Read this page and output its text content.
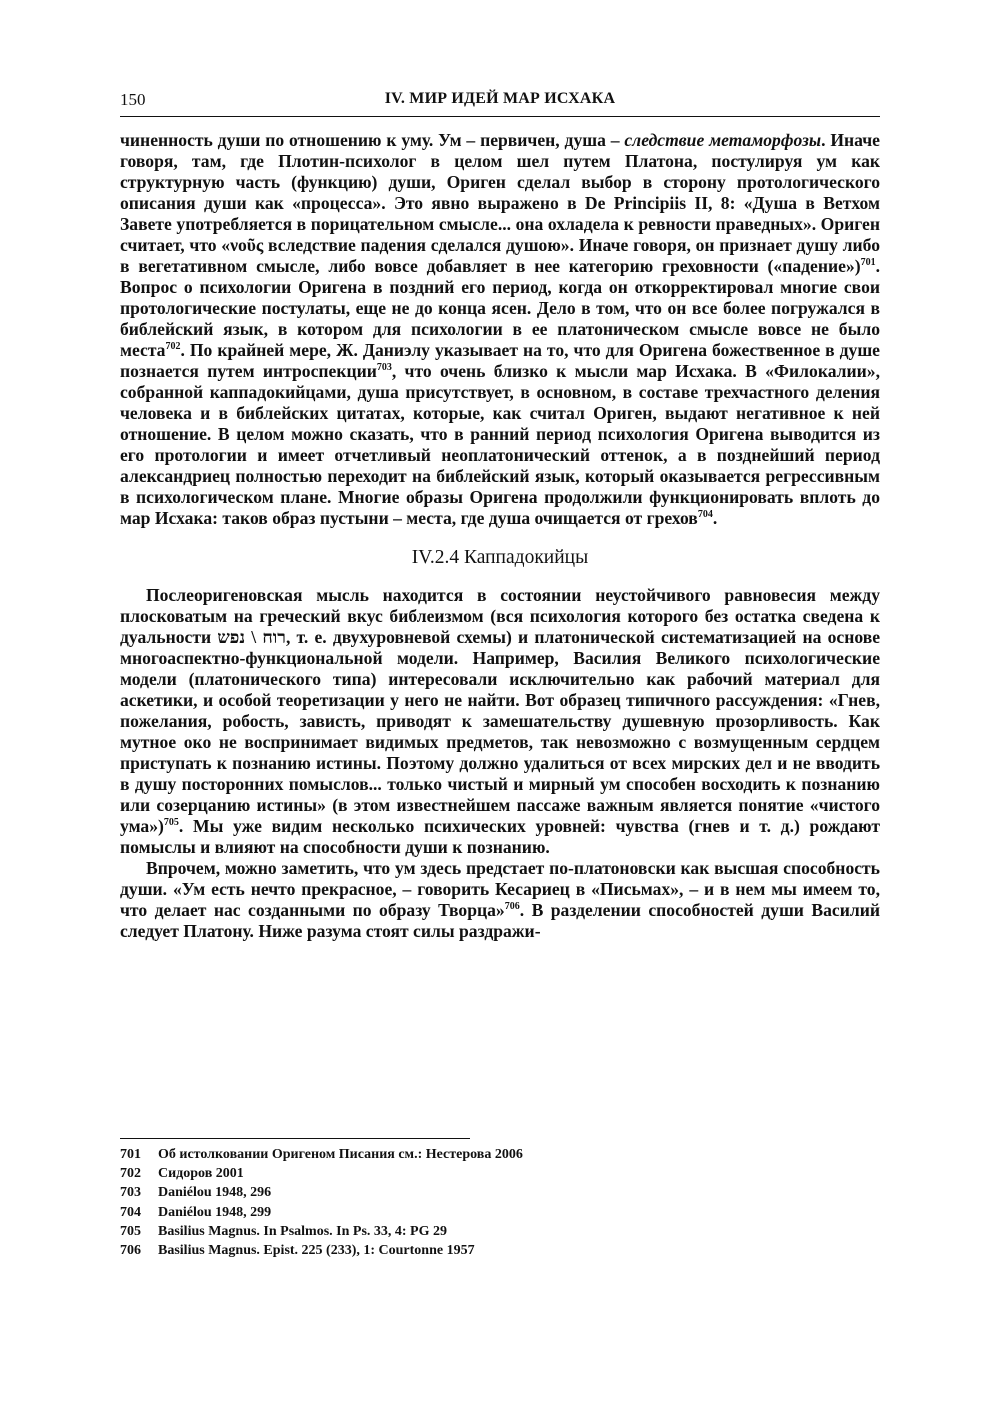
150	IV. МИР ИДЕЙ МАР ИСХАКА

чиненность души по отношению к уму. Ум – первичен, душа – следствие метаморфозы. Иначе говоря, там, где Плотин-психолог в целом шел путем Платона, постулируя ум как структурную часть (функцию) души, Ориген сделал выбор в сторону протологического описания души как «процесса». Это явно выражено в De Principiis II, 8: «Душа в Ветхом Завете употребляется в порицательном смысле... она охладела к ревности праведных». Ориген считает, что «νοῦς вследствие падения сделался душою». Иначе говоря, он признает душу либо в вегетативном смысле, либо вовсе добавляет в нее категорию греховности («падение»)$^{701}$. Вопрос о психологии Оригена в поздний его период, когда он откорректировал многие свои протологические постулаты, еще не до конца ясен. Дело в том, что он все более погружался в библейский язык, в котором для психологии в ее платоническом смысле вовсе не было места$^{702}$. По крайней мере, Ж. Даниэлу указывает на то, что для Оригена божественное в душе познается путем интроспекции$^{703}$, что очень близко к мысли мар Исхака. В «Филокалии», собранной каппадокийцами, душа присутствует, в основном, в составе трехчастного деления человека и в библейских цитатах, которые, как считал Ориген, выдают негативное к ней отношение. В целом можно сказать, что в ранний период психология Оригена выводится из его протологии и имеет отчетливый неоплатонический оттенок, а в позднейший период александриец полностью переходит на библейский язык, который оказывается регрессивным в психологическом плане. Многие образы Оригена продолжили функционировать вплоть до мар Исхака: таков образ пустыни – места, где душа очищается от грехов$^{704}$.

IV.2.4 Каппадокийцы

Послеоригеновская мысль находится в состоянии неустойчивого равновесия между плосковатым на греческий вкус библеизмом (вся психология которого без остатка сведена к дуальности רוח \ נפש, т. е. двухуровневой схемы) и платонической систематизацией на основе многоаспектно-функциональной модели. Например, Василия Великого психологические модели (платонического типа) интересовали исключительно как рабочий материал для аскетики, и особой теоретизации у него не найти. Вот образец типичного рассуждения: «Гнев, пожелания, робость, зависть, приводят к замешательству душевную прозорливость. Как мутное око не воспринимает видимых предметов, так невозможно с возмущенным сердцем приступать к познанию истины. Поэтому должно удалиться от всех мирских дел и не вводить в душу посторонних помыслов... только чистый и мирный ум способен восходить к познанию или созерцанию истины» (в этом известнейшем пассаже важным является понятие «чистого ума»)$^{705}$. Мы уже видим несколько психических уровней: чувства (гнев и т. д.) рождают помыслы и влияют на способности души к познанию.

Впрочем, можно заметить, что ум здесь предстает по-платоновски как высшая способность души. «Ум есть нечто прекрасное, – говорить Кесариец в «Письмах», – и в нем мы имеем то, что делает нас созданными по образу Творца»$^{706}$. В разделении способностей души Василий следует Платону. Ниже разума стоят силы раздражи-

701	Об истолковании Оригеном Писания см.: Нестерова 2006
702	Сидоров 2001
703	Daniélou 1948, 296
704	Daniélou 1948, 299
705	Basilius Magnus. In Psalmos. In Ps. 33, 4: PG 29
706	Basilius Magnus. Epist. 225 (233), 1: Courtonne 1957
